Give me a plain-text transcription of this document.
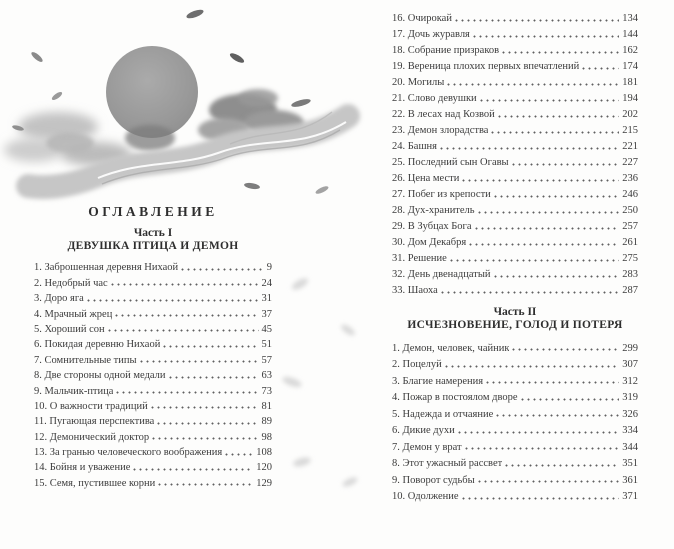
ОГЛАВЛЕНИЕ
Часть I
ДЕВУШКА ПТИЦА И ДЕМОН
1. Заброшенная деревня Нихаой	9
2. Недобрый час	24
3. Доро яга	31
4. Мрачный жрец	37
5. Хороший сон	45
6. Покидая деревню Нихаой	51
7. Сомнительные типы	57
8. Две стороны одной медали	63
9. Мальчик-птица	73
10. О важности традиций	81
11. Пугающая перспектива	89
12. Демонический доктор	98
13. За гранью человеческого воображения	108
14. Бойня и уважение	120
15. Семя, пустившее корни	129
16. Очирокай	134
17. Дочь журавля	144
18. Собрание призраков	162
19. Вереница плохих первых впечатлений	174
20. Могилы	181
21. Слово девушки	194
22. В лесах над Козвой	202
23. Демон злорадства	215
24. Башня	221
25. Последний сын Огавы	227
26. Цена мести	236
27. Побег из крепости	246
28. Дух-хранитель	250
29. В Зубцах Бога	257
30. Дом Декабря	261
31. Решение	275
32. День двенадцатый	283
33. Шаоха	287
Часть II
ИСЧЕЗНОВЕНИЕ, ГОЛОД И ПОТЕРЯ
1. Демон, человек, чайник	299
2. Поцелуй	307
3. Благие намерения	312
4. Пожар в постоялом дворе	319
5. Надежда и отчаяние	326
6. Дикие духи	334
7. Демон у врат	344
8. Этот ужасный рассвет	351
9. Поворот судьбы	361
10. Одолжение	371
